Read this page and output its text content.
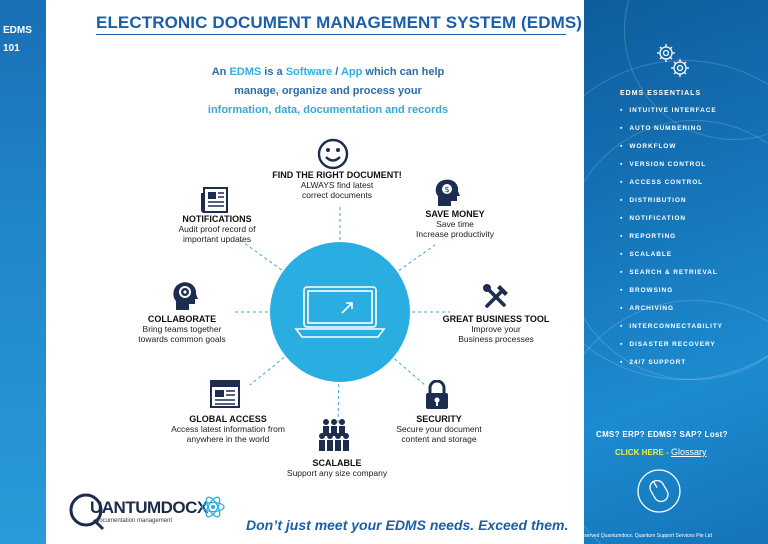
EDMS
101
ELECTRONIC DOCUMENT MANAGEMENT SYSTEM (EDMS)
An EDMS is a Software / App which can help
manage, organize and process your
information, data, documentation and records
FIND THE RIGHT DOCUMENT!
ALWAYS find latest
correct documents
$
SAVE MONEY
Save time
Increase productivity
GREAT BUSINESS TOOL
Improve your
Business processes
SECURITY
Secure your document
content and storage
SCALABLE
Support any size company
GLOBAL ACCESS
Access latest information from
anywhere in the world
COLLABORATE
Bring teams together
towards common goals
NOTIFICATIONS
Audit proof record of
important updates
EDMS ESSENTIALS
▪ INTUITIVE INTERFACE
▪ AUTO NUMBERING
▪ WORKFLOW
▪ VERSION CONTROL
▪ ACCESS CONTROL
▪ DISTRIBUTION
▪ NOTIFICATION
▪ REPORTING
▪ SCALABLE
▪ SEARCH & RETRIEVAL
▪ BROWSING
▪ ARCHIVING
▪ INTERCONNECTABILITY
▪ DISASTER RECOVERY
▪ 24/7 SUPPORT
CMS? ERP? EDMS? SAP? Lost?
CLICK HERE - Glossary
Don’t just meet your EDMS needs. Exceed them.
© Copyright 2017. All Rights Reserved Quantumdocx. Quantum Support Services Pte Ltd
UANTUMDOCX
documentation management
